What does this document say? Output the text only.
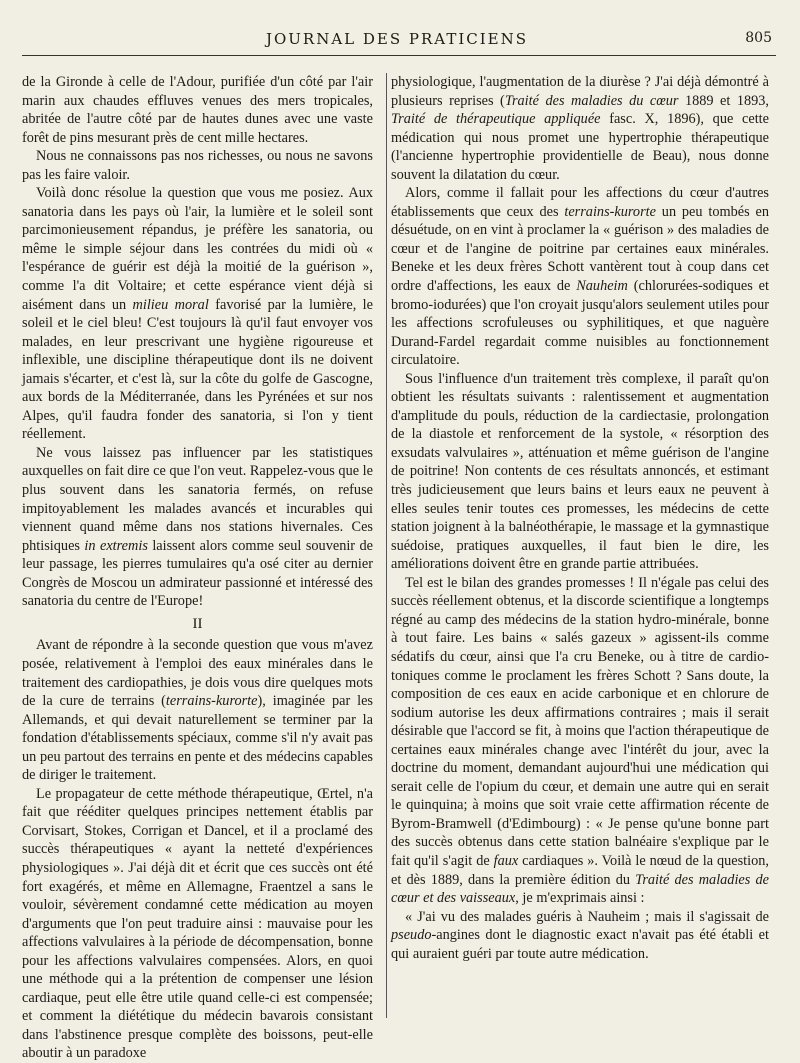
JOURNAL DES PRATICIENS	805

de la Gironde à celle de l'Adour, purifiée d'un côté par l'air marin aux chaudes effluves venues des mers tropicales, abritée de l'autre côté par de hautes dunes avec une vaste forêt de pins mesurant près de cent mille hectares.

Nous ne connaissons pas nos richesses, ou nous ne savons pas les faire valoir.

Voilà donc résolue la question que vous me posiez. Aux sanatoria dans les pays où l'air, la lumière et le soleil sont parcimonieusement répandus, je préfère les sanatoria, ou même le simple séjour dans les contrées du midi où « l'espérance de guérir est déjà la moitié de la guérison », comme l'a dit Voltaire; et cette espérance vient déjà si aisément dans un milieu moral favorisé par la lumière, le soleil et le ciel bleu! C'est toujours là qu'il faut envoyer vos malades, en leur prescrivant une hygiène rigoureuse et inflexible, une discipline thérapeutique dont ils ne doivent jamais s'écarter, et c'est là, sur la côte du golfe de Gascogne, aux bords de la Méditerranée, dans les Pyrénées et sur nos Alpes, qu'il faudra fonder des sanatoria, si l'on y tient réellement.

Ne vous laissez pas influencer par les statistiques auxquelles on fait dire ce que l'on veut. Rappelez-vous que le plus souvent dans les sanatoria fermés, on refuse impitoyablement les malades avancés et incurables qui viennent quand même dans nos stations hivernales. Ces phtisiques in extremis laissent alors comme seul souvenir de leur passage, les pierres tumulaires qu'a osé citer au dernier Congrès de Moscou un admirateur passionné et intéressé des sanatoria du centre de l'Europe!

II

Avant de répondre à la seconde question que vous m'avez posée, relativement à l'emploi des eaux minérales dans le traitement des cardiopathies, je dois vous dire quelques mots de la cure de terrains (terrains-kurorte), imaginée par les Allemands, et qui devait naturellement se terminer par la fondation d'établissements spéciaux, comme s'il n'y avait pas un peu partout des terrains en pente et des médecins capables de diriger le traitement.

Le propagateur de cette méthode thérapeutique, Œrtel, n'a fait que rééditer quelques principes nettement établis par Corvisart, Stokes, Corrigan et Dancel, et il a proclamé des succès thérapeutiques « ayant la netteté d'expériences physiologiques ». J'ai déjà dit et écrit que ces succès ont été fort exagérés, et même en Allemagne, Fraentzel a sans le vouloir, sévèrement condamné cette médication au moyen d'arguments que l'on peut traduire ainsi : mauvaise pour les affections valvulaires à la période de décompensation, bonne pour les affections valvulaires compensées. Alors, en quoi une méthode qui a la prétention de compenser une lésion cardiaque, peut elle être utile quand celle-ci est compensée; et comment la diététique du médecin bavarois consistant dans l'abstinence presque complète des boissons, peut-elle aboutir à un paradoxe

physiologique, l'augmentation de la diurèse ? J'ai déjà démontré à plusieurs reprises (Traité des maladies du cœur 1889 et 1893, Traité de thérapeutique appliquée fasc. X, 1896), que cette médication qui nous promet une hypertrophie thérapeutique (l'ancienne hypertrophie providentielle de Beau), nous donne souvent la dilatation du cœur.

Alors, comme il fallait pour les affections du cœur d'autres établissements que ceux des terrains-kurorte un peu tombés en désuétude, on en vint à proclamer la « guérison » des maladies de cœur et de l'angine de poitrine par certaines eaux minérales. Beneke et les deux frères Schott vantèrent tout à coup dans cet ordre d'affections, les eaux de Nauheim (chlorurées-sodiques et bromo-iodurées) que l'on croyait jusqu'alors seulement utiles pour les affections scrofuleuses ou syphilitiques, et que naguère Durand-Fardel regardait comme nuisibles au fonctionnement circulatoire.

Sous l'influence d'un traitement très complexe, il paraît qu'on obtient les résultats suivants : ralentissement et augmentation d'amplitude du pouls, réduction de la cardiectasie, prolongation de la diastole et renforcement de la systole, « résorption des exsudats valvulaires », atténuation et même guérison de l'angine de poitrine! Non contents de ces résultats annoncés, et estimant très judicieusement que leurs bains et leurs eaux ne peuvent à elles seules tenir toutes ces promesses, les médecins de cette station joignent à la balnéothérapie, le massage et la gymnastique suédoise, pratiques auxquelles, il faut bien le dire, les améliorations doivent être en grande partie attribuées.

Tel est le bilan des grandes promesses ! Il n'égale pas celui des succès réellement obtenus, et la discorde scientifique a longtemps régné au camp des médecins de la station hydro-minérale, bonne à tout faire. Les bains « salés gazeux » agissent-ils comme sédatifs du cœur, ainsi que l'a cru Beneke, ou à titre de cardio-toniques comme le proclament les frères Schott ? Sans doute, la composition de ces eaux en acide carbonique et en chlorure de sodium autorise les deux affirmations contraires ; mais il serait désirable que l'accord se fit, à moins que l'action thérapeutique de certaines eaux minérales change avec l'intérêt du jour, avec la doctrine du moment, demandant aujourd'hui une médication qui serait celle de l'opium du cœur, et demain une autre qui en serait le quinquina; à moins que soit vraie cette affirmation récente de Byrom-Bramwell (d'Edimbourg) : « Je pense qu'une bonne part des succès obtenus dans cette station balnéaire s'explique par le fait qu'il s'agit de faux cardiaques ». Voilà le nœud de la question, et dès 1889, dans la première édition du Traité des maladies de cœur et des vaisseaux, je m'exprimais ainsi :

« J'ai vu des malades guéris à Nauheim ; mais il s'agissait de pseudo-angines dont le diagnostic exact n'avait pas été établi et qui auraient guéri par toute autre médication.
